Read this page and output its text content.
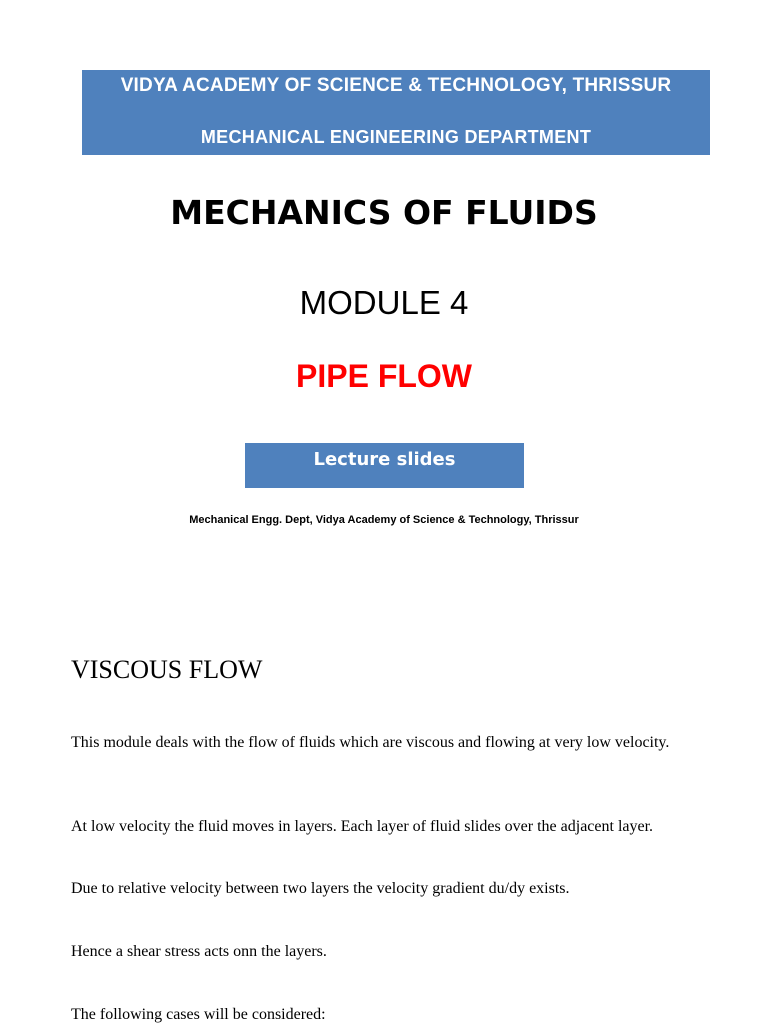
VIDYA ACADEMY OF SCIENCE & TECHNOLOGY, THRISSUR
MECHANICAL ENGINEERING DEPARTMENT
MECHANICS OF FLUIDS
MODULE 4
PIPE FLOW
Lecture slides
Mechanical Engg. Dept, Vidya Academy of Science & Technology, Thrissur
VISCOUS FLOW
This module deals with the flow of fluids which are viscous and flowing at very low velocity.
At low velocity the fluid moves in layers. Each layer of fluid slides over the adjacent layer.
Due to relative velocity between two layers the velocity gradient du/dy exists.
Hence a shear stress acts onn the layers.
The following cases will be considered:
